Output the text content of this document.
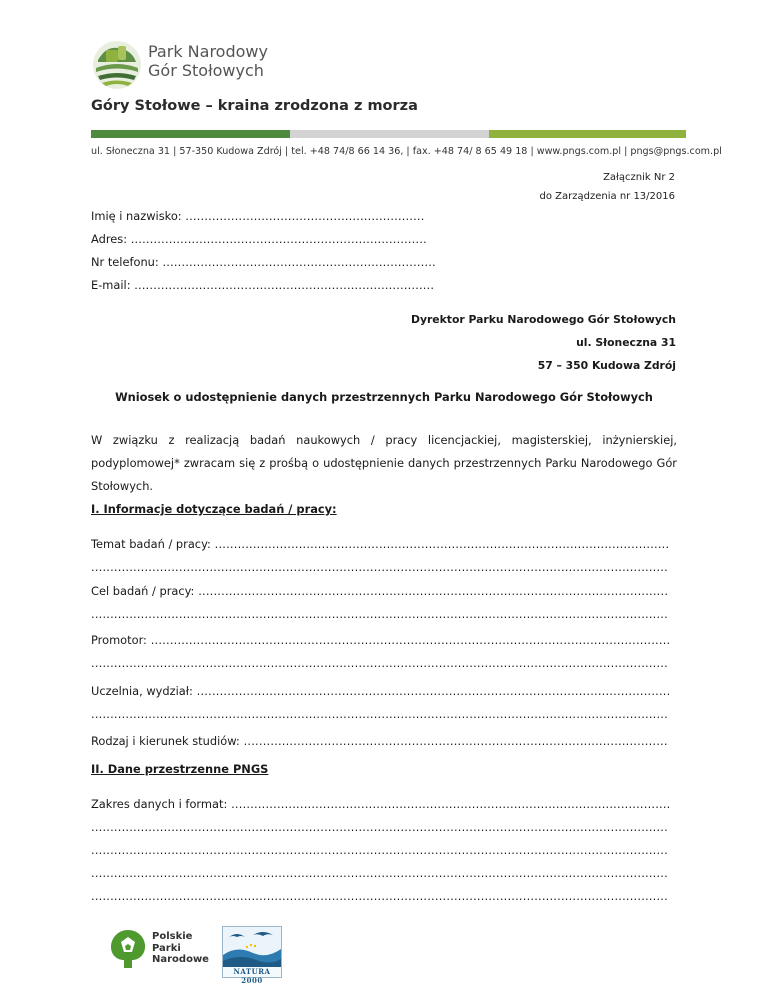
Park Narodowy
Gór Stołowych
Góry Stołowe – kraina zrodzona z morza
ul. Słoneczna 31 | 57-350 Kudowa Zdrój | tel. +48 74/8 66 14 36, | fax. +48 74/ 8 65 49 18 | www.pngs.com.pl | pngs@pngs.com.pl
Załącznik Nr 2
do Zarządzenia nr 13/2016
Imię i nazwisko: ………………………………………………………
Adres: ……………………………………………………………………
Nr telefonu: ………………………………………………………………
E-mail: …………………………………………………………………….
Dyrektor Parku Narodowego Gór Stołowych
ul. Słoneczna 31
57 – 350 Kudowa Zdrój
Wniosek o udostępnienie danych przestrzennych Parku Narodowego Gór Stołowych
W związku z realizacją badań naukowych / pracy licencjackiej, magisterskiej, inżynierskiej, podyplomowej* zwracam się z prośbą o udostępnienie danych przestrzennych Parku Narodowego Gór Stołowych.
I. Informacje dotyczące badań / pracy:
Temat badań / pracy: .....
.....
Cel badań / pracy: .....
.....
Promotor: .....
.....
Uczelnia, wydział: .....
.....
Rodzaj i kierunek studiów: .....
II. Dane przestrzenne PNGS
Zakres danych i format: .....
.....
.....
.....
.....
Polskie
Parki
Narodowe
NATURA 2000
